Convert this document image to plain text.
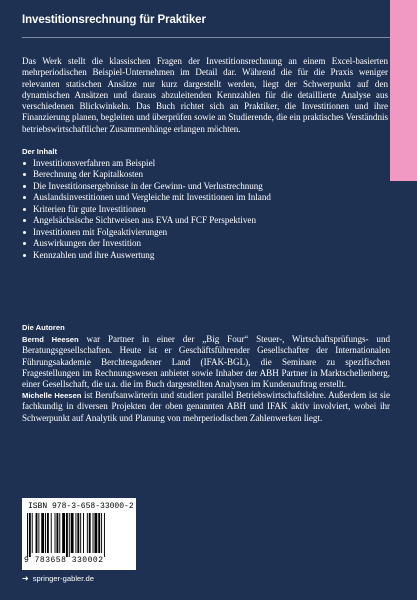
Investitionsrechnung für Praktiker

Das Werk stellt die klassischen Fragen der Investitionsrechnung an einem Excel-basierten mehrperiodischen Beispiel-Unternehmen im Detail dar. Während die für die Praxis weniger relevanten statischen Ansätze nur kurz dargestellt werden, liegt der Schwerpunkt auf den dynamischen Ansätzen und daraus abzuleitenden Kennzahlen für die detaillierte Analyse aus verschiedenen Blickwinkeln. Das Buch richtet sich an Praktiker, die Investitionen und ihre Finanzierung planen, begleiten und überprüfen sowie an Studierende, die ein praktisches Verständnis betriebswirtschaftlicher Zusammenhänge erlangen möchten.

Der Inhalt
Investitionsverfahren am Beispiel
Berechnung der Kapitalkosten
Die Investitionsergebnisse in der Gewinn- und Verlustrechnung
Auslandsinvestitionen und Vergleiche mit Investitionen im Inland
Kriterien für gute Investitionen
Angelsächsische Sichtweisen aus EVA und FCF Perspektiven
Investitionen mit Folgeaktivierungen
Auswirkungen der Investition
Kennzahlen und ihre Auswertung
Die Autoren

Bernd Heesen war Partner in einer der „Big Four“ Steuer-, Wirtschaftsprüfungs- und Beratungsgesellschaften. Heute ist er Geschäftsführender Gesellschafter der Internationalen Führungsakademie Berchtesgadener Land (IFAK-BGL), die Seminare zu spezifischen Fragestellungen im Rechnungswesen anbietet sowie Inhaber der ABH Partner in Marktschellenberg, einer Gesellschaft, die u.a. die im Buch dargestellten Analysen im Kundenauftrag erstellt.

Michelle Heesen ist Berufsanwärterin und studiert parallel Betriebswirtschaftslehre. Außerdem ist sie fachkundig in diversen Projekten der oben genannten ABH und IFAK aktiv involviert, wobei ihr Schwerpunkt auf Analytik und Planung von mehrperiodischen Zahlenwerken liegt.

ISBN 978-3-658-33000-2
9 783658 330002
➜ springer-gabler.de
